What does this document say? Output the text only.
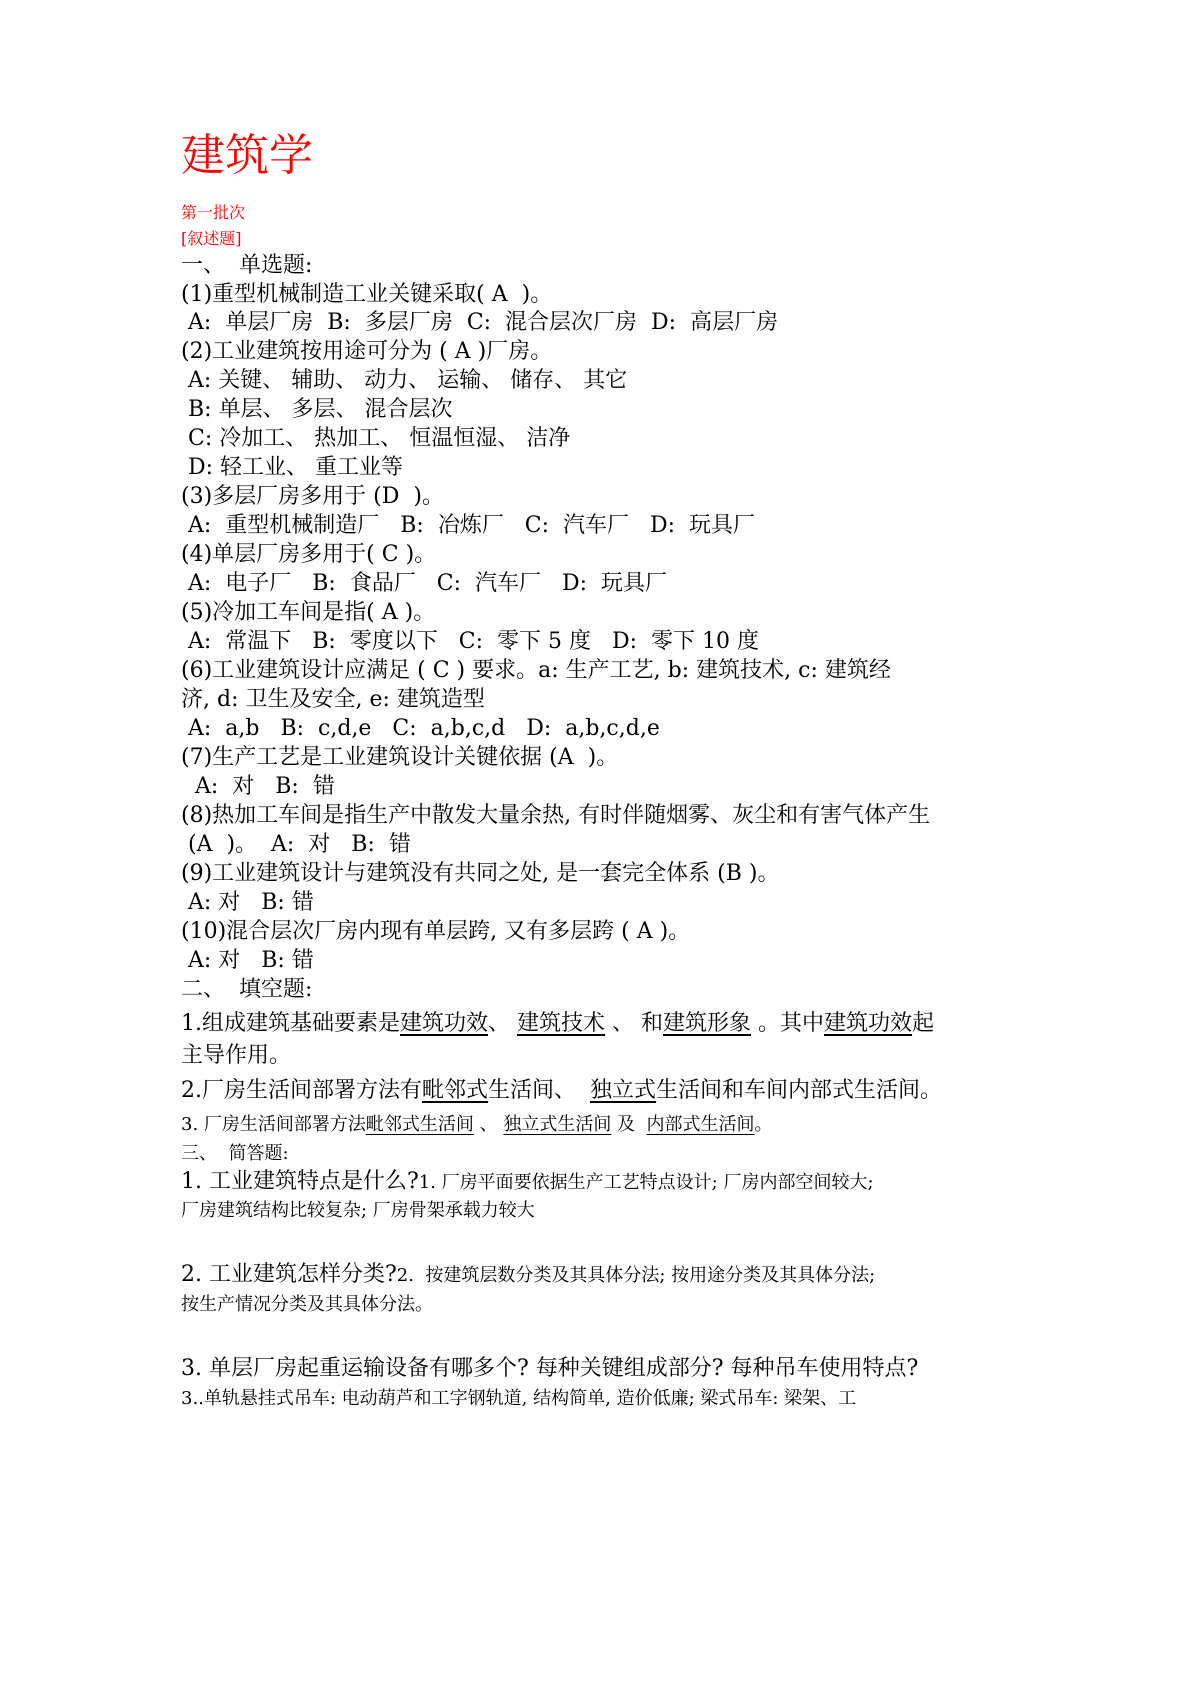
建筑学
第一批次
[叙述题]
一、  单选题:
(1)重型机械制造工业关键采取( A  )。
A:  单层厂房  B:  多层厂房  C:  混合层次厂房  D:  高层厂房
(2)工业建筑按用途可分为 ( A )厂房。
A: 关键、 辅助、 动力、 运输、 储存、 其它
B: 单层、 多层、 混合层次
C: 冷加工、 热加工、 恒温恒湿、 洁净
D: 轻工业、 重工业等
(3)多层厂房多用于 (D  )。
A:  重型机械制造厂   B:  冶炼厂   C:  汽车厂   D:  玩具厂
(4)单层厂房多用于( C )。
A:  电子厂   B:  食品厂   C:  汽车厂   D:  玩具厂
(5)冷加工车间是指( A )。
A:  常温下   B:  零度以下   C:  零下 5 度   D:  零下 10 度
(6)工业建筑设计应满足 ( C ) 要求。a: 生产工艺, b: 建筑技术, c: 建筑经
济, d: 卫生及安全, e: 建筑造型
A:  a,b   B:  c,d,e   C:  a,b,c,d   D:  a,b,c,d,e
(7)生产工艺是工业建筑设计关键依据 (A  )。
A:  对   B:  错
(8)热加工车间是指生产中散发大量余热, 有时伴随烟雾、灰尘和有害气体产生
(A  )。  A:  对   B:  错
(9)工业建筑设计与建筑没有共同之处, 是一套完全体系 (B )。
A: 对   B: 错
(10)混合层次厂房内现有单层跨, 又有多层跨 ( A )。
A: 对   B: 错
二、  填空题:
1.组成建筑基础要素是建筑功效、 建筑技术 、 和建筑形象 。其中建筑功效起
主导作用。
2.厂房生活间部署方法有毗邻式生活间、  独立式生活间和车间内部式生活间。
3. 厂房生活间部署方法毗邻式生活间 、 独立式生活间 及  内部式生活间。
三、  简答题:
1. 工业建筑特点是什么?1. 厂房平面要依据生产工艺特点设计; 厂房内部空间较大;
厂房建筑结构比较复杂; 厂房骨架承载力较大
2. 工业建筑怎样分类?2.  按建筑层数分类及其具体分法; 按用途分类及其具体分法;
按生产情况分类及其具体分法。
3. 单层厂房起重运输设备有哪多个? 每种关键组成部分? 每种吊车使用特点?
3..单轨悬挂式吊车: 电动葫芦和工字钢轨道, 结构简单, 造价低廉; 梁式吊车: 梁架、工
